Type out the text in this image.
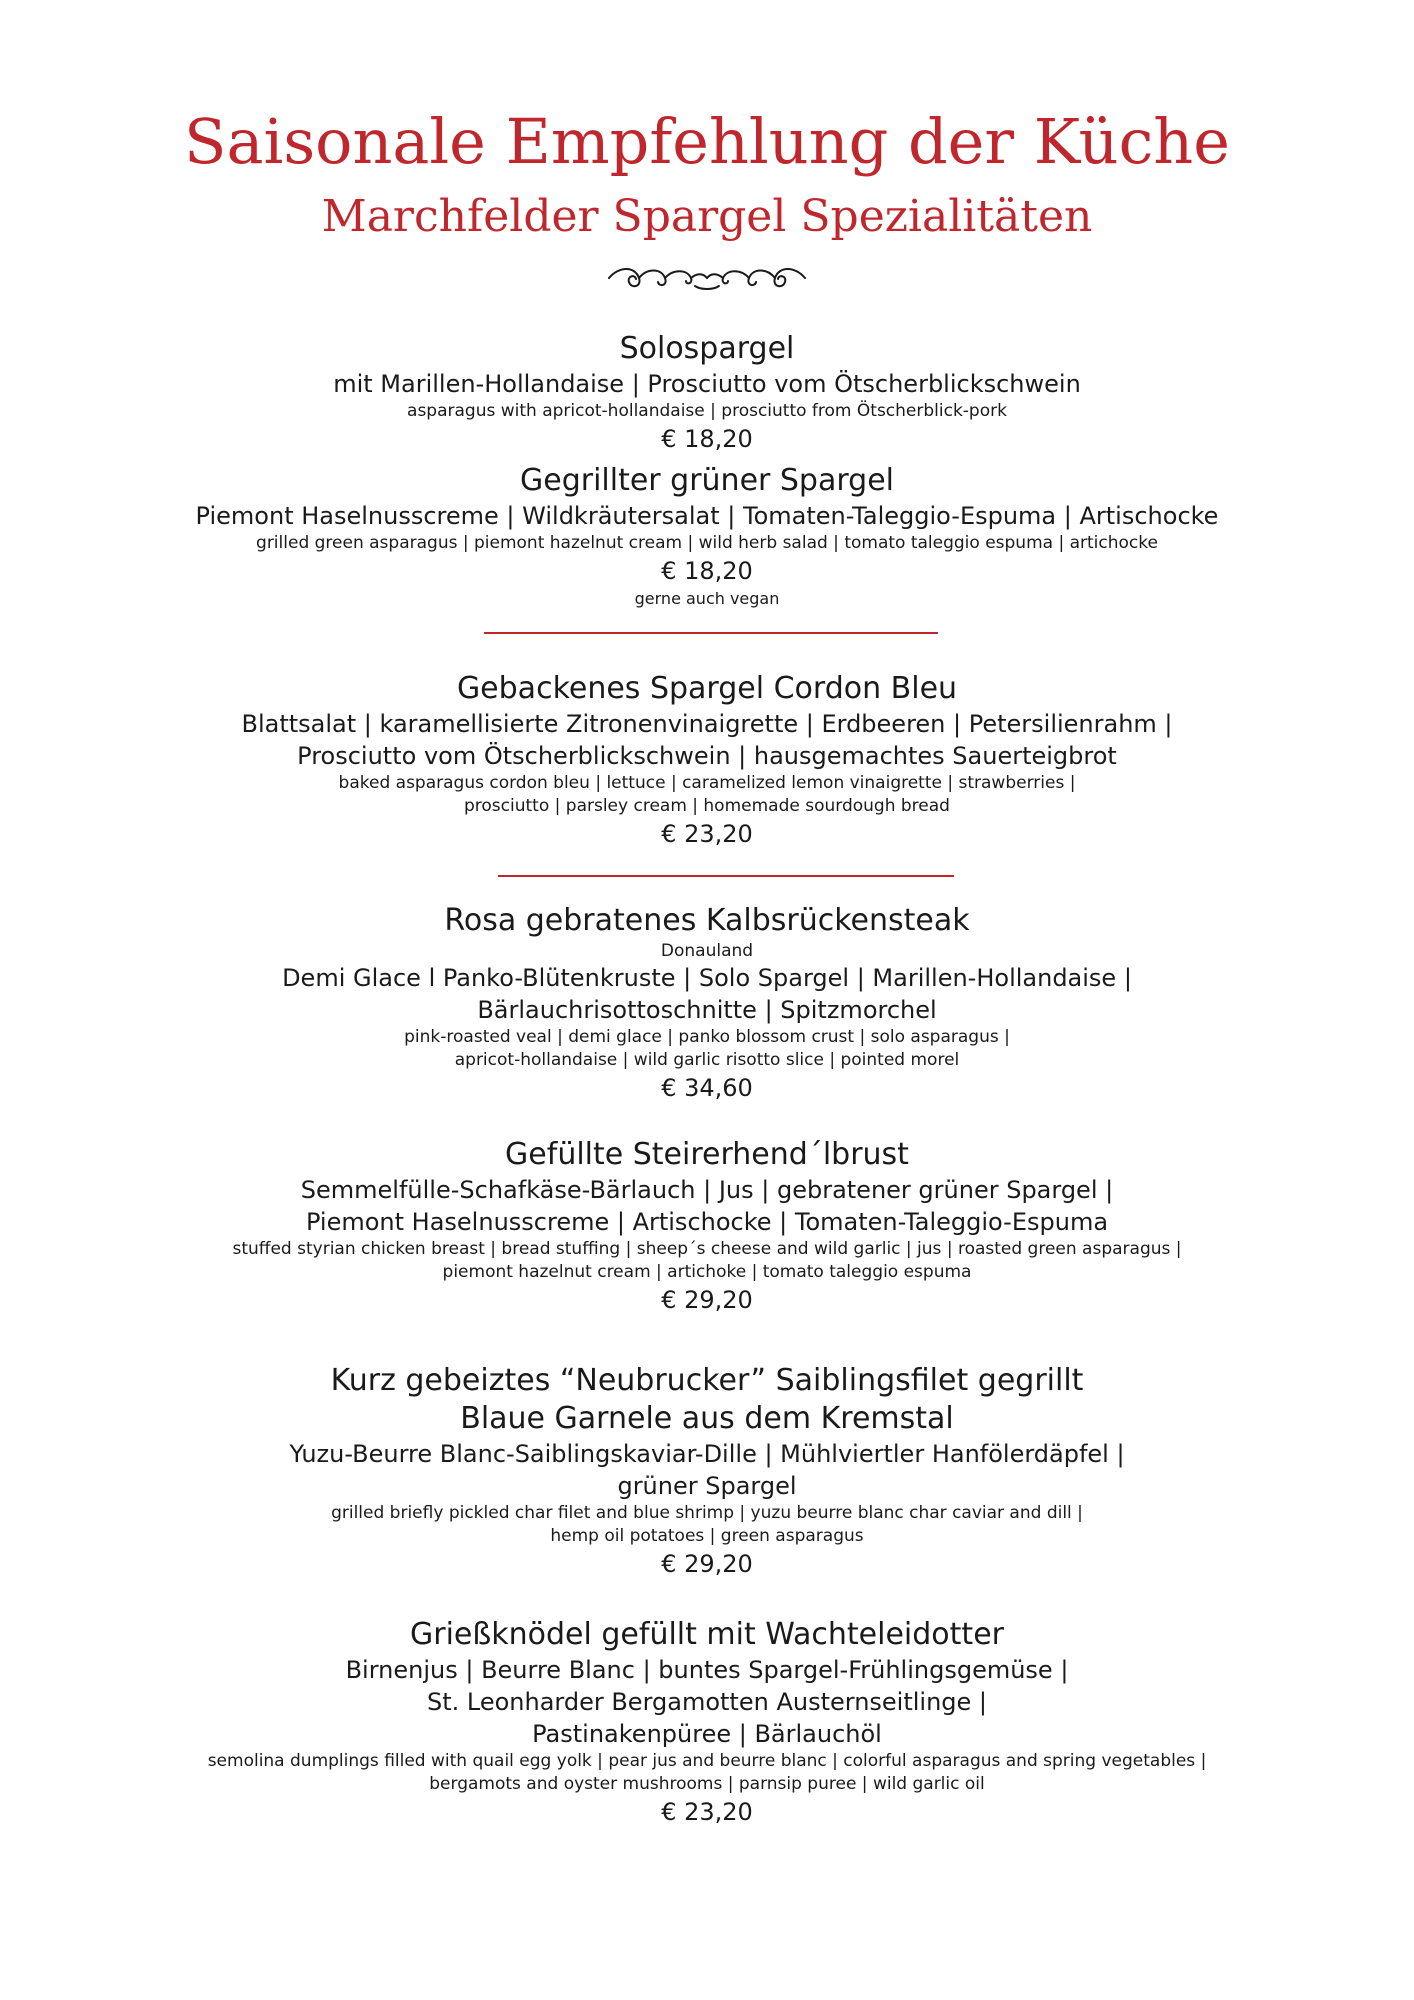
Saisonale Empfehlung der Küche
Marchfelder Spargel Spezialitäten
Solospargel
mit Marillen-Hollandaise | Prosciutto vom Ötscherblickschwein
asparagus with apricot-hollandaise | prosciutto from Ötscherblick-pork
€ 18,20
Gegrillter grüner Spargel
Piemont Haselnusscreme | Wildkräutersalat | Tomaten-Taleggio-Espuma | Artischocke
grilled green asparagus | piemont hazelnut cream | wild herb salad | tomato taleggio espuma | artichocke
€ 18,20
gerne auch vegan
Gebackenes Spargel Cordon Bleu
Blattsalat | karamellisierte Zitronenvinaigrette | Erdbeeren | Petersilienrahm |
Prosciutto vom Ötscherblickschwein | hausgemachtes Sauerteigbrot
baked asparagus cordon bleu | lettuce | caramelized lemon vinaigrette | strawberries |
prosciutto | parsley cream | homemade sourdough bread
€ 23,20
Rosa gebratenes Kalbsrückensteak
Donauland
Demi Glace l Panko-Blütenkruste | Solo Spargel | Marillen-Hollandaise |
Bärlauchrisottoschnitte | Spitzmorchel
pink-roasted veal | demi glace | panko blossom crust | solo asparagus |
apricot-hollandaise | wild garlic risotto slice | pointed morel
€ 34,60
Gefüllte Steirerhend´lbrust
Semmelfülle-Schafkäse-Bärlauch | Jus | gebratener grüner Spargel |
Piemont Haselnusscreme | Artischocke | Tomaten-Taleggio-Espuma
stuffed styrian chicken breast | bread stuffing | sheep´s cheese and wild garlic | jus | roasted green asparagus |
piemont hazelnut cream | artichoke | tomato taleggio espuma
€ 29,20
Kurz gebeiztes “Neubrucker” Saiblingsfilet gegrillt
Blaue Garnele aus dem Kremstal
Yuzu-Beurre Blanc-Saiblingskaviar-Dille | Mühlviertler Hanfölerdäpfel |
grüner Spargel
grilled briefly pickled char filet and blue shrimp | yuzu beurre blanc char caviar and dill |
hemp oil potatoes | green asparagus
€ 29,20
Grießknödel gefüllt mit Wachteleidotter
Birnenjus | Beurre Blanc | buntes Spargel-Frühlingsgemüse |
St. Leonharder Bergamotten Austernseitlinge |
Pastinakenpüree | Bärlauchöl
semolina dumplings filled with quail egg yolk | pear jus and beurre blanc | colorful asparagus and spring vegetables |
bergamots and oyster mushrooms | parnsip puree | wild garlic oil
€ 23,20
